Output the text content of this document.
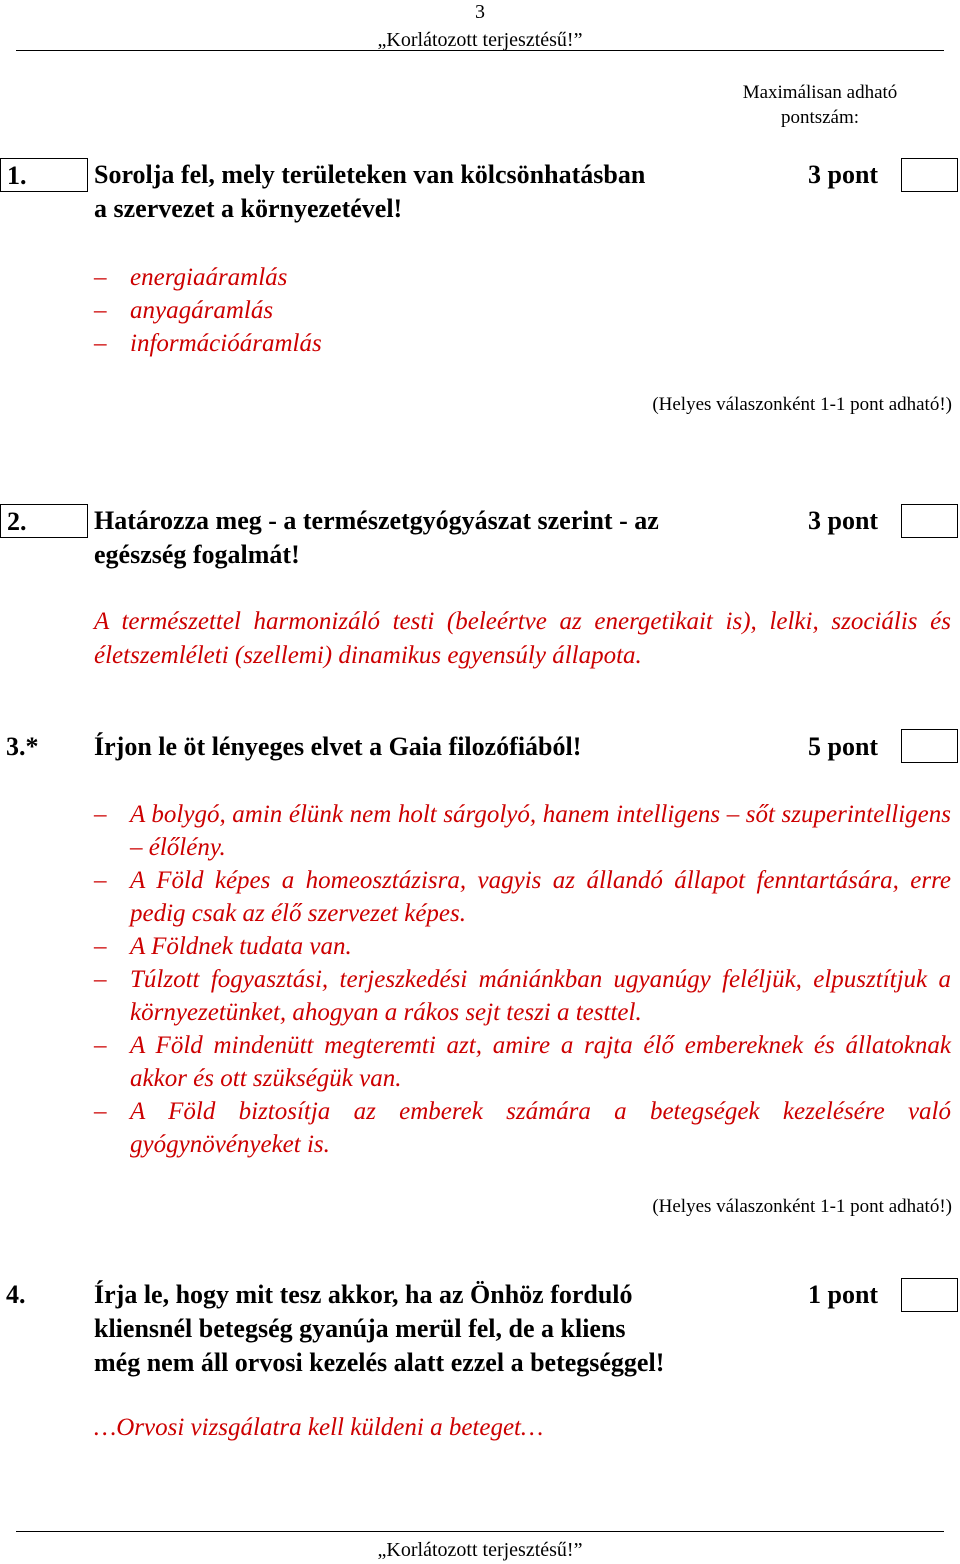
3
„Korlátozott terjesztésű!”
Maximálisan adható
pontszám:
1.	Sorolja fel, mely területeken van kölcsönhatásban
a szervezet a környezetével!
3 pont
– energiaáramlás
– anyagáramlás
– információáramlás
(Helyes válaszonként 1-1 pont adható!)
2.	Határozza meg - a természetgyógyászat szerint - az
egészség fogalmát!
3 pont
A természettel harmonizáló testi (beleértve az energetikait is), lelki, szociális és életszemléleti (szellemi) dinamikus egyensúly állapota.
3.*	Írjon le öt lényeges elvet a Gaia filozófiából!	5 pont
– A bolygó, amin élünk nem holt sárgolyó, hanem intelligens – sőt szuperintelligens – élőlény.
– A Föld képes a homeosztázisra, vagyis az állandó állapot fenntartására, erre pedig csak az élő szervezet képes.
– A Földnek tudata van.
– Túlzott fogyasztási, terjeszkedési mániánkban ugyanúgy feléljük, elpusztítjuk a környezetünket, ahogyan a rákos sejt teszi a testtel.
– A Föld mindenütt megteremti azt, amire a rajta élő embereknek és állatoknak akkor és ott szükségük van.
– A Föld biztosítja az emberek számára a betegségek kezelésére való gyógynövényeket is.
(Helyes válaszonként 1-1 pont adható!)
4.	Írja le, hogy mit tesz akkor, ha az Önhöz forduló
kliensnél betegség gyanúja merül fel, de a kliens
még nem áll orvosi kezelés alatt ezzel a betegséggel!
1 pont
…Orvosi vizsgálatra kell küldeni a beteget…
„Korlátozott terjesztésű!”
